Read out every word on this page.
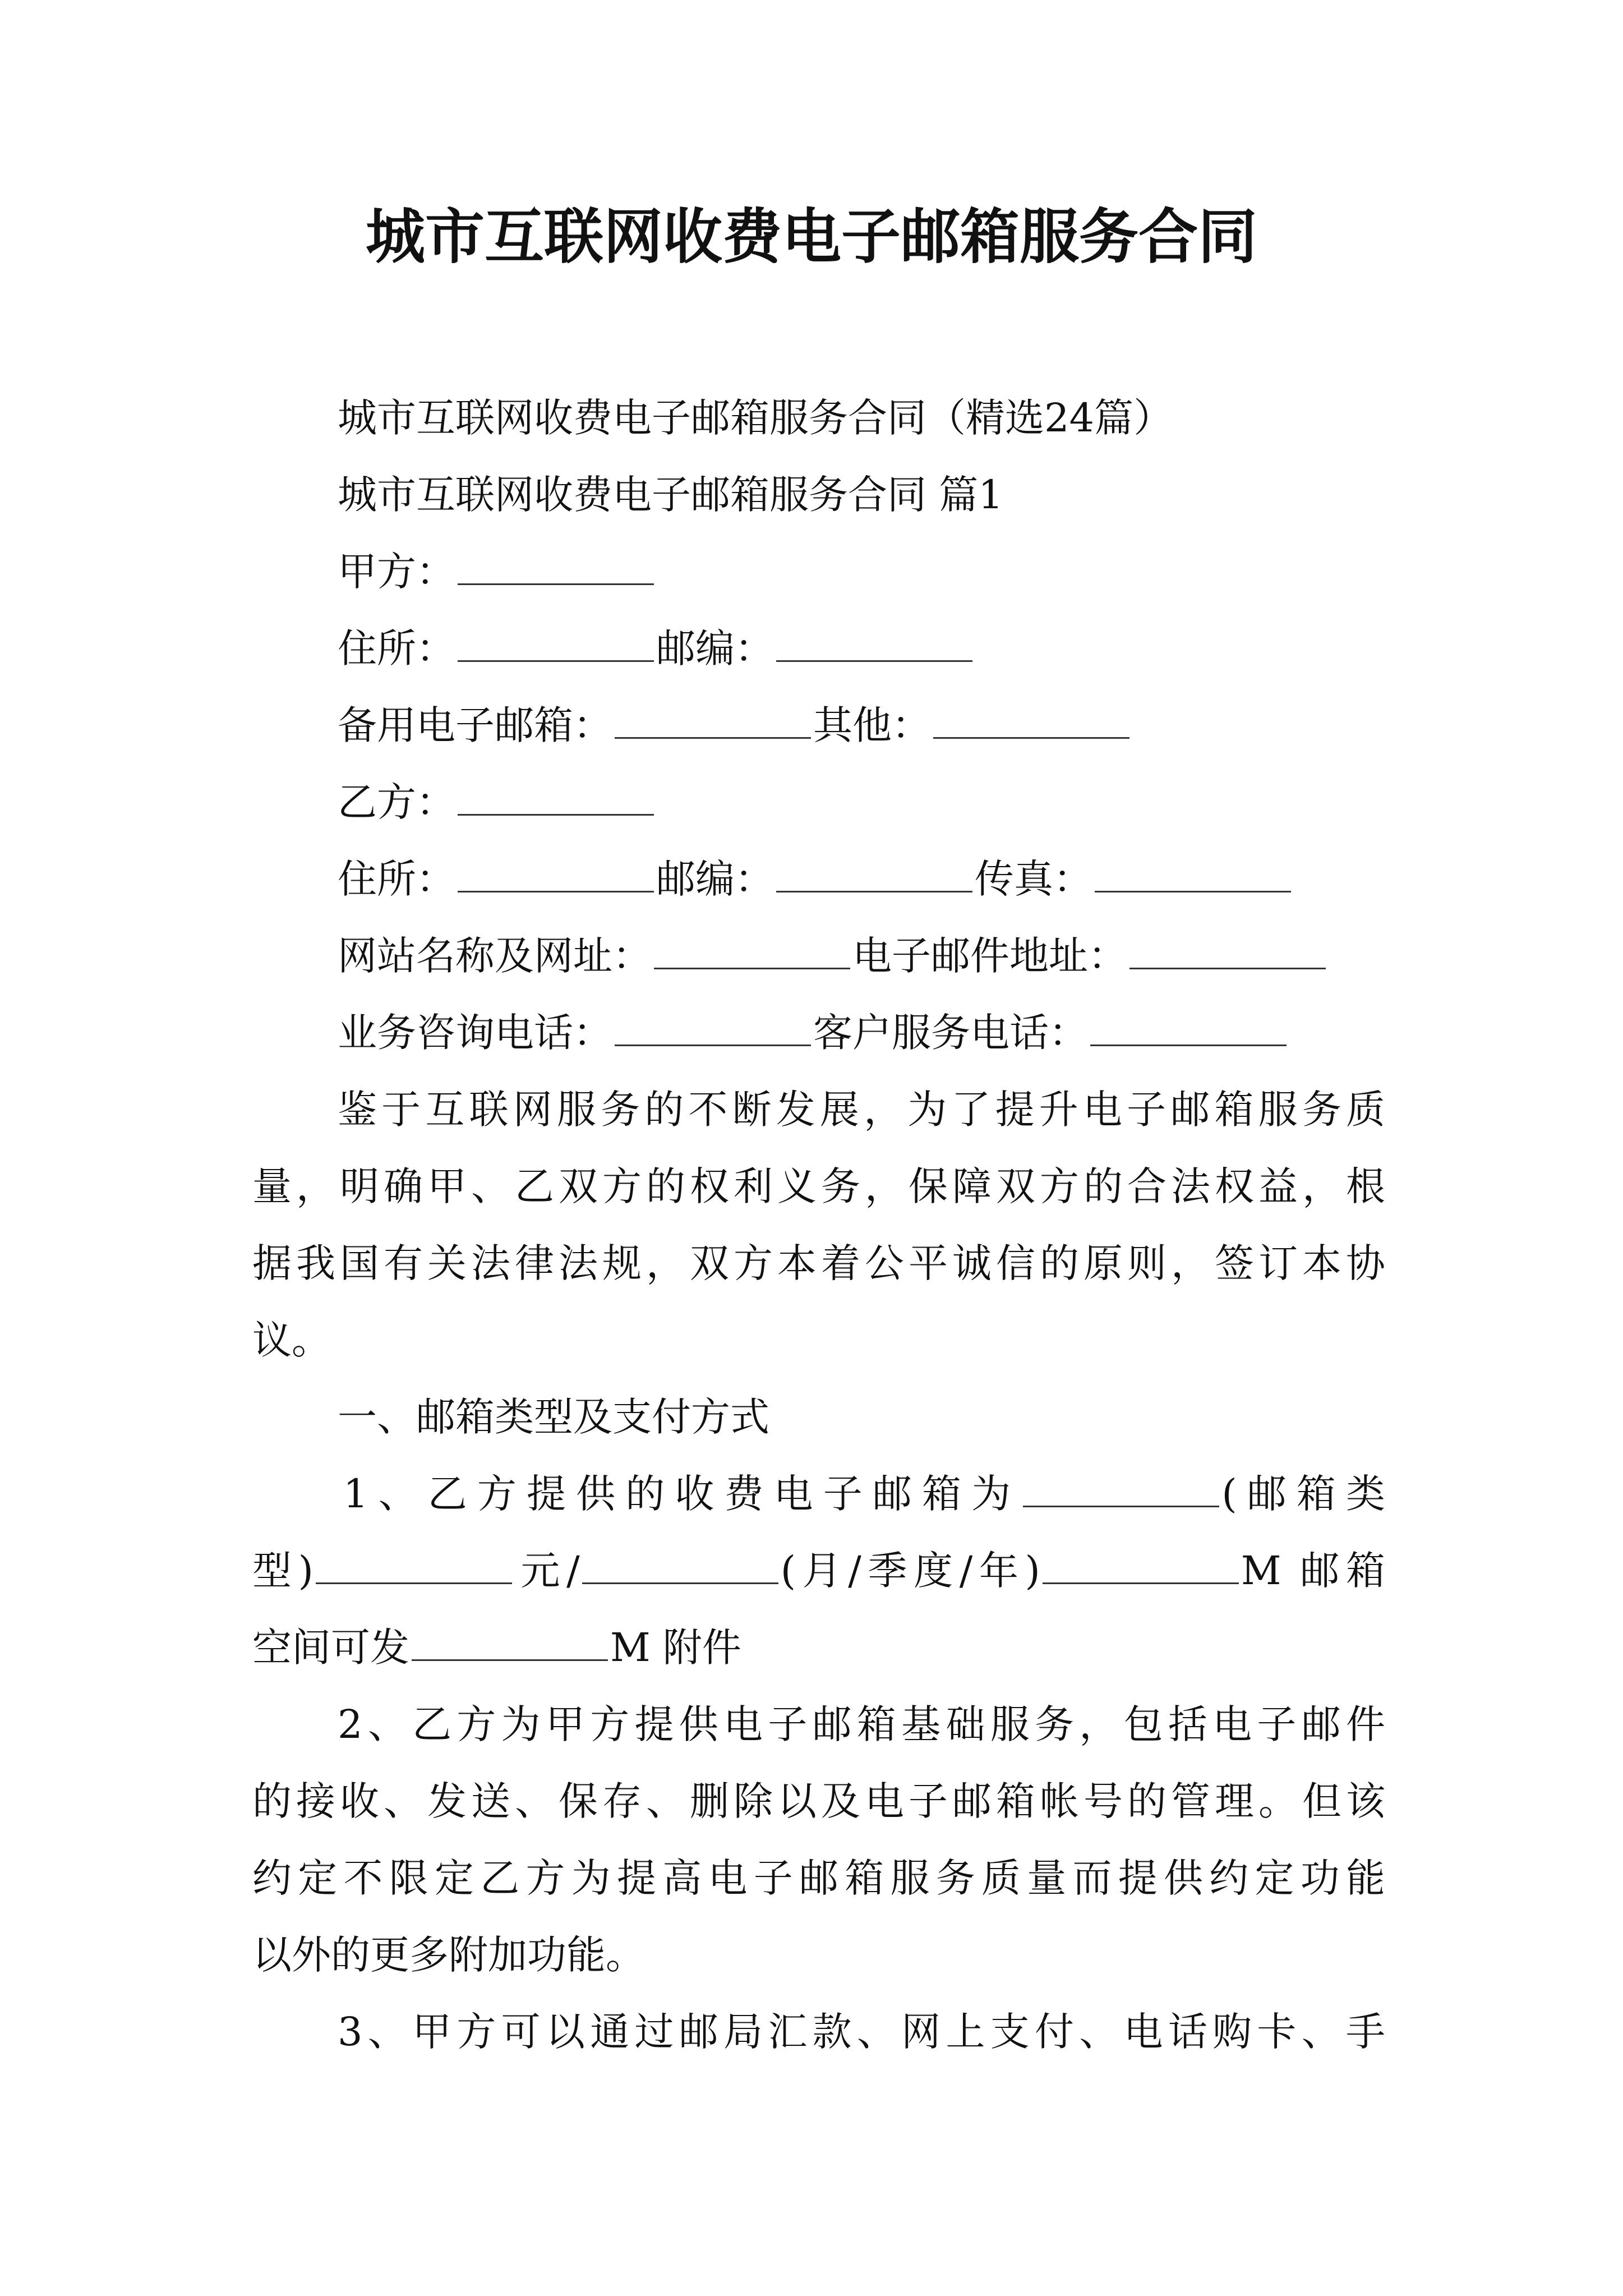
城市互联网收费电子邮箱服务合同

城市互联网收费电子邮箱服务合同（精选24篇）

城市互联网收费电子邮箱服务合同 篇1

甲方：

住所：	邮编：

备用电子邮箱：	其他：

乙方：

住所：	邮编：	传真：

网站名称及网址：	电子邮件地址：

业务咨询电话：	客户服务电话：

鉴于互联网服务的不断发展，为了提升电子邮箱服务质

量，明确甲、乙双方的权利义务，保障双方的合法权益，根

据我国有关法律法规，双方本着公平诚信的原则，签订本协

议。

一、邮箱类型及支付方式

1、乙方提供的收费电子邮箱为	(邮箱类

型)	元/	(月/季度/年)	M 邮箱

空间可发	M 附件

2、乙方为甲方提供电子邮箱基础服务，包括电子邮件

的接收、发送、保存、删除以及电子邮箱帐号的管理。但该

约定不限定乙方为提高电子邮箱服务质量而提供约定功能

以外的更多附加功能。

3、甲方可以通过邮局汇款、网上支付、电话购卡、手
